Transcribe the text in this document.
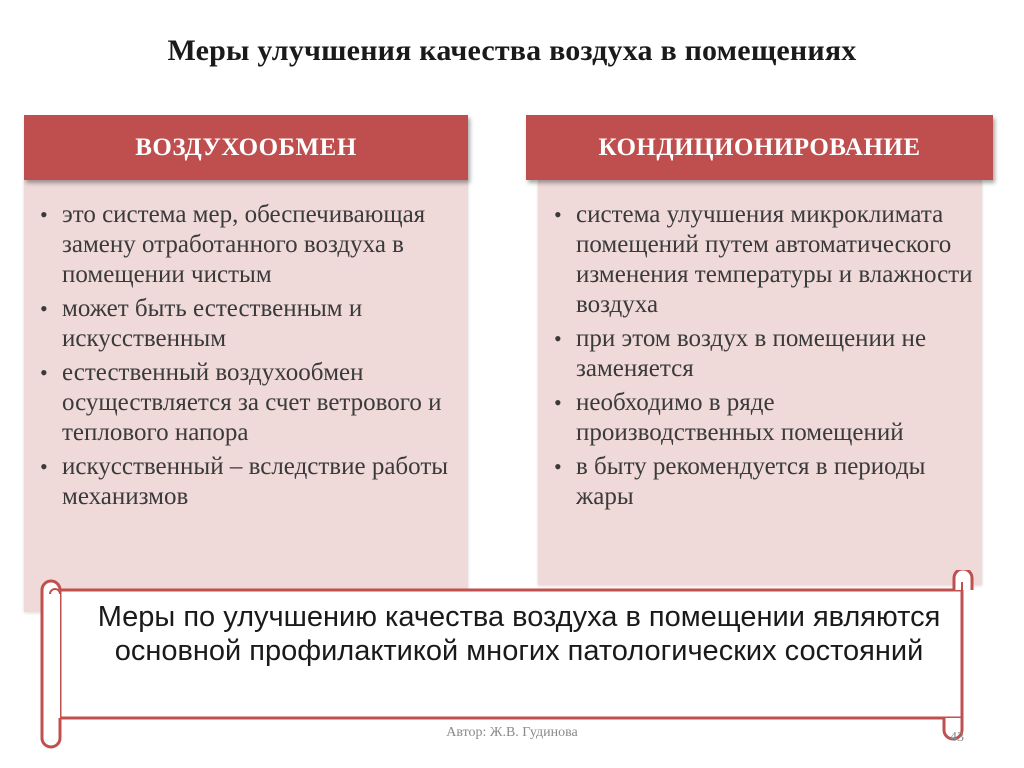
Меры улучшения качества воздуха в помещениях
ВОЗДУХООБМЕН
• это система мер, обеспечивающая замену отработанного воздуха в помещении чистым
• может быть естественным и искусственным
• естественный воздухообмен осуществляется за счет ветрового и теплового напора
• искусственный – вследствие работы механизмов
КОНДИЦИОНИРОВАНИЕ
• система улучшения микроклимата помещений путем автоматического изменения температуры и влажности воздуха
• при этом воздух в помещении не заменяется
• необходимо в ряде производственных помещений
• в быту рекомендуется в периоды жары
Меры по улучшению качества воздуха в помещении являются основной профилактикой многих патологических состояний
Автор: Ж.В. Гудинова	43
